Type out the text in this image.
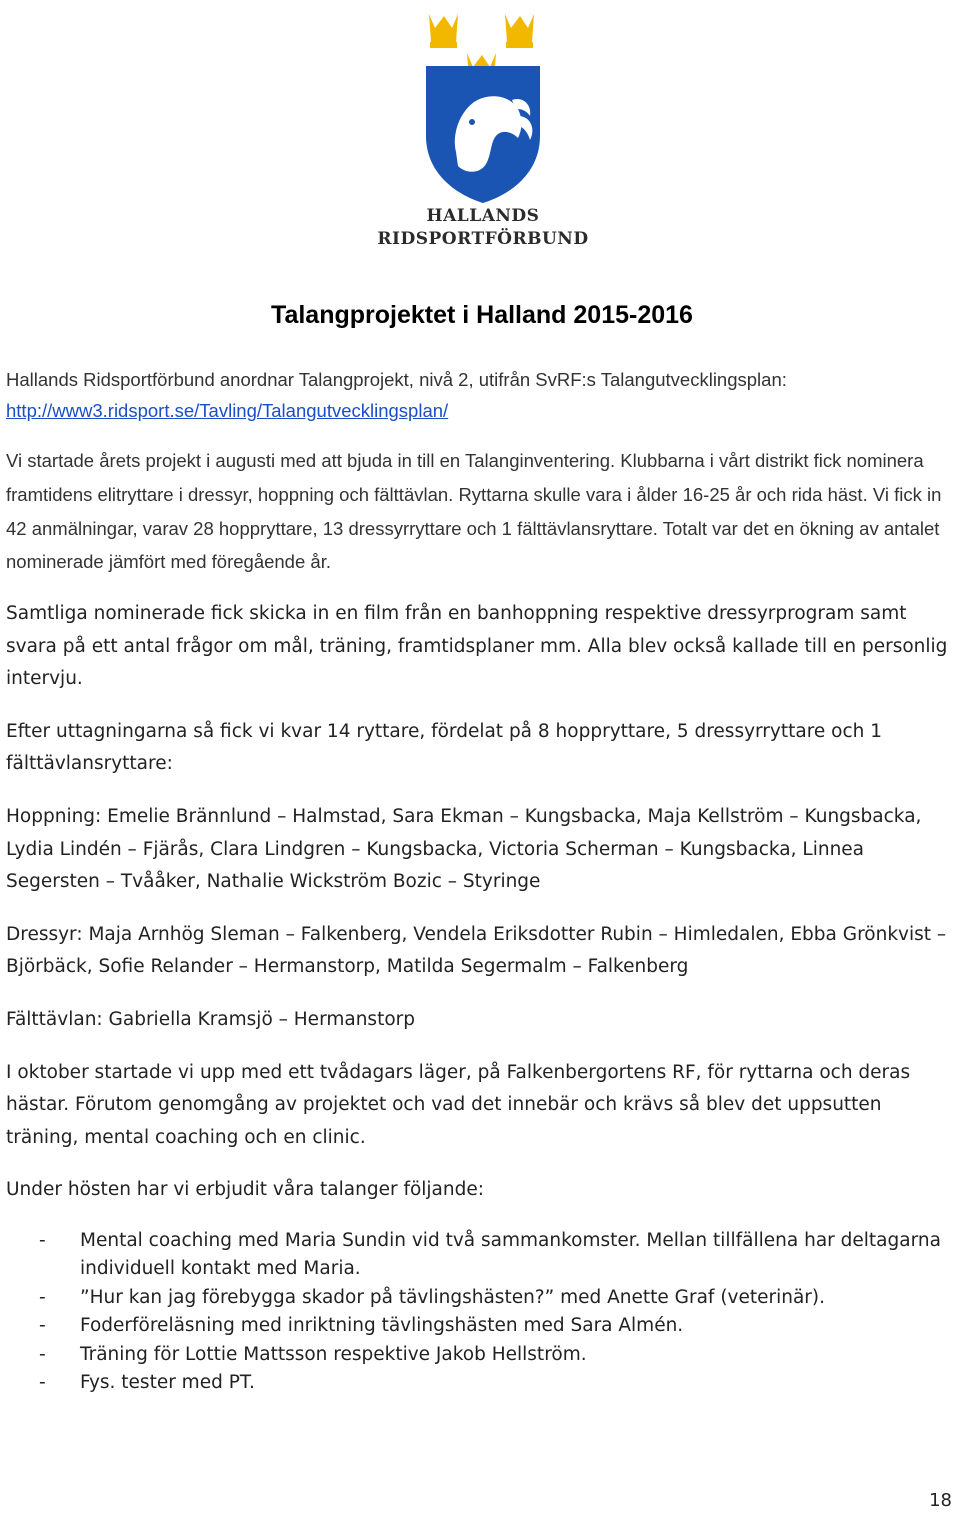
HALLANDS
RIDSPORTFÖRBUND
Talangprojektet i Halland 2015-2016

Hallands Ridsportförbund anordnar Talangprojekt, nivå 2, utifrån SvRF:s Talangutvecklingsplan:
http://www3.ridsport.se/Tavling/Talangutvecklingsplan/

Vi startade årets projekt i augusti med att bjuda in till en Talanginventering. Klubbarna i vårt distrikt fick nominera framtidens elitryttare i dressyr, hoppning och fälttävlan. Ryttarna skulle vara i ålder 16-25 år och rida häst. Vi fick in 42 anmälningar, varav 28 hoppryttare, 13 dressyrryttare och 1 fälttävlansryttare. Totalt var det en ökning av antalet nominerade jämfört med föregående år.

Samtliga nominerade fick skicka in en film från en banhoppning respektive dressyrprogram samt svara på ett antal frågor om mål, träning, framtidsplaner mm. Alla blev också kallade till en personlig intervju.

Efter uttagningarna så fick vi kvar 14 ryttare, fördelat på 8 hoppryttare, 5 dressyrryttare och 1 fälttävlansryttare:

Hoppning: Emelie Brännlund – Halmstad, Sara Ekman – Kungsbacka, Maja Kellström – Kungsbacka, Lydia Lindén – Fjärås, Clara Lindgren – Kungsbacka, Victoria Scherman – Kungsbacka, Linnea Segersten – Tvååker, Nathalie Wickström Bozic – Styringe

Dressyr: Maja Arnhög Sleman – Falkenberg, Vendela Eriksdotter Rubin – Himledalen, Ebba Grönkvist – Björbäck, Sofie Relander – Hermanstorp, Matilda Segermalm – Falkenberg

Fälttävlan: Gabriella Kramsjö – Hermanstorp

I oktober startade vi upp med ett tvådagars läger, på Falkenbergortens RF, för ryttarna och deras hästar. Förutom genomgång av projektet och vad det innebär och krävs så blev det uppsutten träning, mental coaching och en clinic.

Under hösten har vi erbjudit våra talanger följande:

- Mental coaching med Maria Sundin vid två sammankomster. Mellan tillfällena har deltagarna individuell kontakt med Maria.
- ”Hur kan jag förebygga skador på tävlingshästen?” med Anette Graf (veterinär).
- Foderföreläsning med inriktning tävlingshästen med Sara Almén.
- Träning för Lottie Mattsson respektive Jakob Hellström.
- Fys. tester med PT.
18
